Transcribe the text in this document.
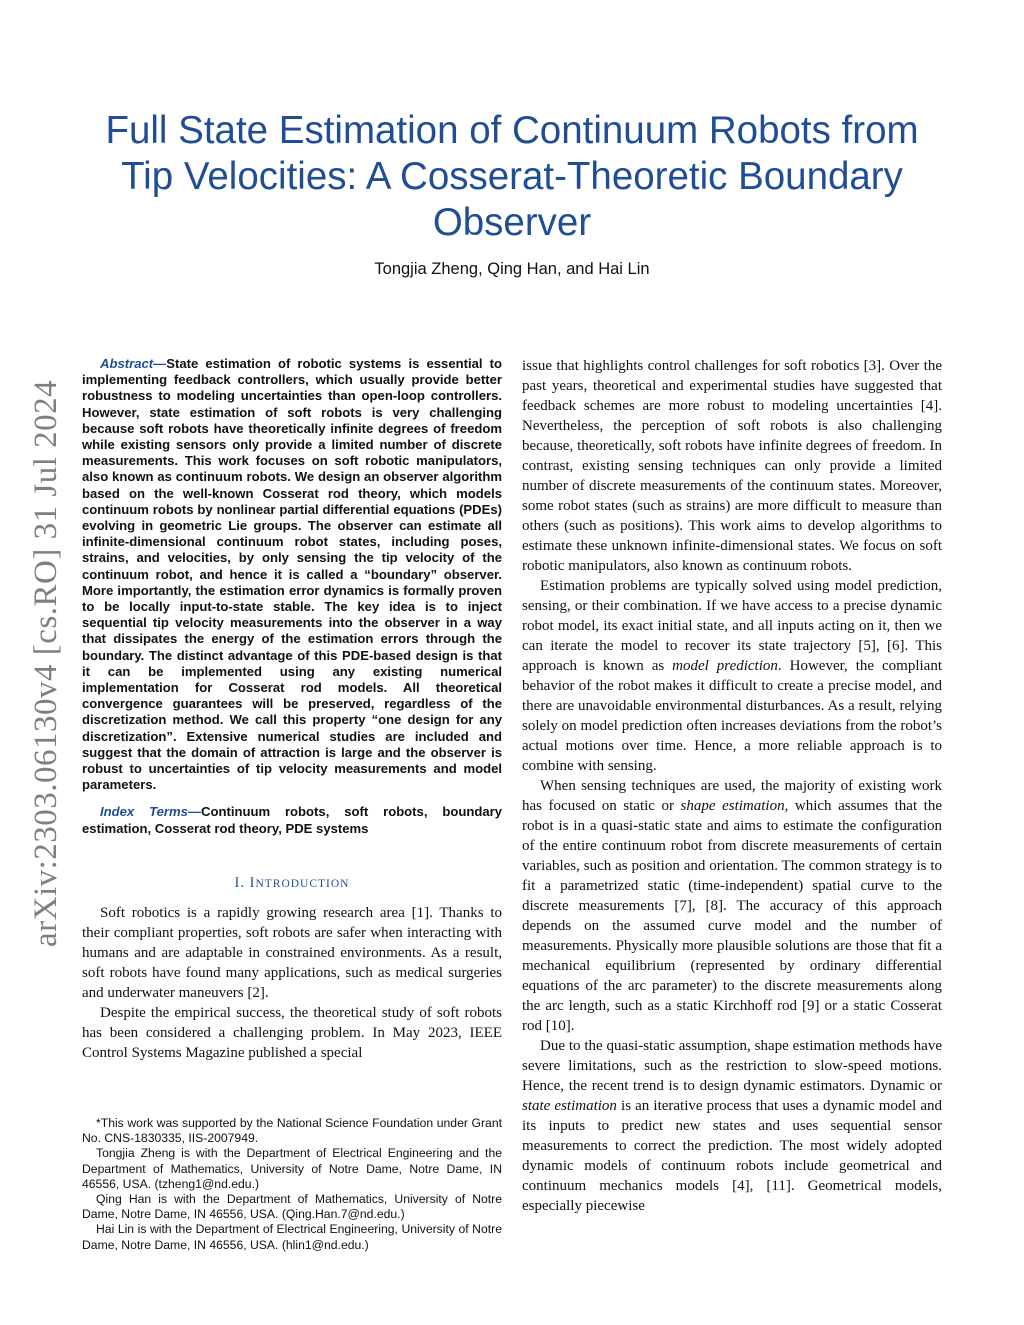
Full State Estimation of Continuum Robots from
Tip Velocities: A Cosserat-Theoretic Boundary
Observer
Tongjia Zheng, Qing Han, and Hai Lin
arXiv:2303.06130v4 [cs.RO] 31 Jul 2024

Abstract—State estimation of robotic systems is essential to implementing feedback controllers, which usually provide better robustness to modeling uncertainties than open-loop controllers. However, state estimation of soft robots is very challenging because soft robots have theoretically infinite degrees of freedom while existing sensors only provide a limited number of discrete measurements. This work focuses on soft robotic manipulators, also known as continuum robots. We design an observer algorithm based on the well-known Cosserat rod theory, which models continuum robots by nonlinear partial differential equations (PDEs) evolving in geometric Lie groups. The observer can estimate all infinite-dimensional continuum robot states, including poses, strains, and velocities, by only sensing the tip velocity of the continuum robot, and hence it is called a “boundary” observer. More importantly, the estimation error dynamics is formally proven to be locally input-to-state stable. The key idea is to inject sequential tip velocity measurements into the observer in a way that dissipates the energy of the estimation errors through the boundary. The distinct advantage of this PDE-based design is that it can be implemented using any existing numerical implementation for Cosserat rod models. All theoretical convergence guarantees will be preserved, regardless of the discretization method. We call this property “one design for any discretization”. Extensive numerical studies are included and suggest that the domain of attraction is large and the observer is robust to uncertainties of tip velocity measurements and model parameters.

Index Terms—Continuum robots, soft robots, boundary estimation, Cosserat rod theory, PDE systems

I. INTRODUCTION

Soft robotics is a rapidly growing research area [1]. Thanks to their compliant properties, soft robots are safer when interacting with humans and are adaptable in constrained environments. As a result, soft robots have found many applications, such as medical surgeries and underwater maneuvers [2].

Despite the empirical success, the theoretical study of soft robots has been considered a challenging problem. In May 2023, IEEE Control Systems Magazine published a special

issue that highlights control challenges for soft robotics [3]. Over the past years, theoretical and experimental studies have suggested that feedback schemes are more robust to modeling uncertainties [4]. Nevertheless, the perception of soft robots is also challenging because, theoretically, soft robots have infinite degrees of freedom. In contrast, existing sensing techniques can only provide a limited number of discrete measurements of the continuum states. Moreover, some robot states (such as strains) are more difficult to measure than others (such as positions). This work aims to develop algorithms to estimate these unknown infinite-dimensional states. We focus on soft robotic manipulators, also known as continuum robots.

Estimation problems are typically solved using model prediction, sensing, or their combination. If we have access to a precise dynamic robot model, its exact initial state, and all inputs acting on it, then we can iterate the model to recover its state trajectory [5], [6]. This approach is known as model prediction. However, the compliant behavior of the robot makes it difficult to create a precise model, and there are unavoidable environmental disturbances. As a result, relying solely on model prediction often increases deviations from the robot’s actual motions over time. Hence, a more reliable approach is to combine with sensing.

When sensing techniques are used, the majority of existing work has focused on static or shape estimation, which assumes that the robot is in a quasi-static state and aims to estimate the configuration of the entire continuum robot from discrete measurements of certain variables, such as position and orientation. The common strategy is to fit a parametrized static (time-independent) spatial curve to the discrete measurements [7], [8]. The accuracy of this approach depends on the assumed curve model and the number of measurements. Physically more plausible solutions are those that fit a mechanical equilibrium (represented by ordinary differential equations of the arc parameter) to the discrete measurements along the arc length, such as a static Kirchhoff rod [9] or a static Cosserat rod [10].

Due to the quasi-static assumption, shape estimation methods have severe limitations, such as the restriction to slow-speed motions. Hence, the recent trend is to design dynamic estimators. Dynamic or state estimation is an iterative process that uses a dynamic model and its inputs to predict new states and uses sequential sensor measurements to correct the prediction. The most widely adopted dynamic models of continuum robots include geometrical and continuum mechanics models [4], [11]. Geometrical models, especially piecewise

*This work was supported by the National Science Foundation under Grant No. CNS-1830335, IIS-2007949.

Tongjia Zheng is with the Department of Electrical Engineering and the Department of Mathematics, University of Notre Dame, Notre Dame, IN 46556, USA. (tzheng1@nd.edu.)

Qing Han is with the Department of Mathematics, University of Notre Dame, Notre Dame, IN 46556, USA. (Qing.Han.7@nd.edu.)

Hai Lin is with the Department of Electrical Engineering, University of Notre Dame, Notre Dame, IN 46556, USA. (hlin1@nd.edu.)
